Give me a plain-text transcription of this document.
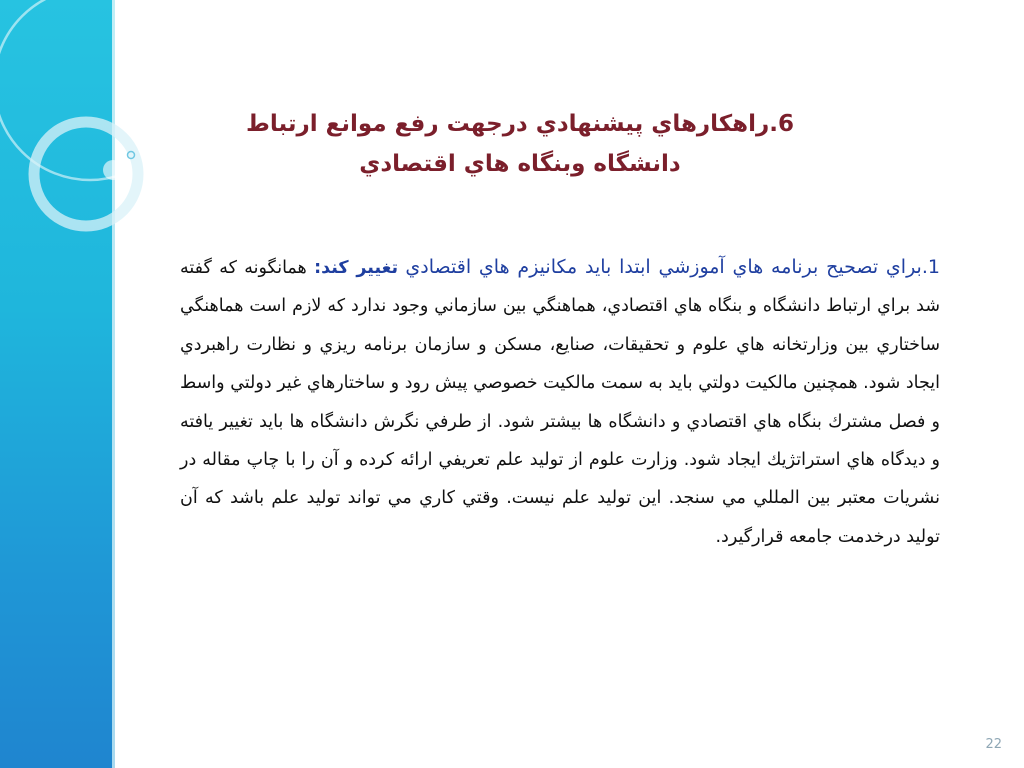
6.راهكارهاي پيشنهادي درجهت رفع موانع ارتباط دانشگاه وبنگاه هاي اقتصادي
1.براي تصحيح برنامه هاي آموزشي ابتدا بايد مكانيزم هاي اقتصادي تغيير كند: همانگونه كه گفته شد براي ارتباط دانشگاه و بنگاه هاي اقتصادي، هماهنگي بين سازماني وجود ندارد كه لازم است هماهنگي ساختاري بين وزارتخانه هاي علوم و تحقيقات، صنايع، مسكن و سازمان برنامه ريزي و نظارت راهبردي ايجاد شود. همچنين مالكيت دولتي بايد به سمت مالكيت خصوصي پيش رود و ساختارهاي غير دولتي واسط و فصل مشترك بنگاه هاي اقتصادي و دانشگاه ها بيشتر شود. از طرفي نگرش دانشگاه ها بايد تغيير يافته و ديدگاه هاي استراتژيك ايجاد شود. وزارت علوم از توليد علم تعريفي ارائه كرده و آن را با چاپ مقاله در نشريات معتبر بين المللي مي سنجد. اين توليد علم نيست. وقتي كاري مي تواند توليد علم باشد كه آن توليد درخدمت جامعه قرارگيرد.
22
